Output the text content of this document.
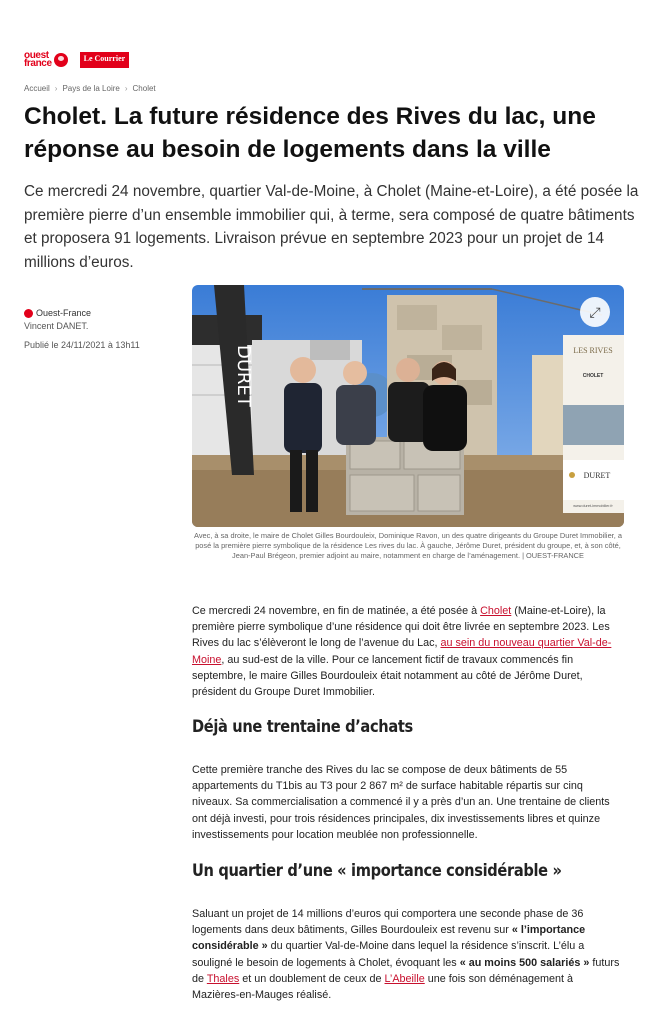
ouest
france	Le Courrier
Accueil › Pays de la Loire › Cholet
Cholet. La future résidence des Rives du lac, une réponse au besoin de logements dans la ville

Ce mercredi 24 novembre, quartier Val-de-Moine, à Cholet (Maine-et-Loire), a été posée la première pierre d’un ensemble immobilier qui, à terme, sera composé de quatre bâtiments et proposera 91 logements. Livraison prévue en septembre 2023 pour un projet de 14 millions d’euros.

Ouest-France
Vincent DANET.
Publié le 24/11/2021 à 13h11	DURET	LES RIVES
CHOLET
DURET
www.duret-immobilier.fr
⤢

Avec, à sa droite, le maire de Cholet Gilles Bourdouleix, Dominique Ravon, un des quatre dirigeants du Groupe Duret Immobilier, a posé la première pierre symbolique de la résidence Les rives du lac. À gauche, Jérôme Duret, président du groupe, et, à son côté, Jean-Paul Brégeon, premier adjoint au maire, notamment en charge de l’aménagement. | OUEST-FRANCE

Ce mercredi 24 novembre, en fin de matinée, a été posée à Cholet (Maine-et-Loire), la première pierre symbolique d’une résidence qui doit être livrée en septembre 2023. Les Rives du lac s’élèveront le long de l’avenue du Lac, au sein du nouveau quartier Val-de-Moine, au sud-est de la ville. Pour ce lancement fictif de travaux commencés fin septembre, le maire Gilles Bourdouleix était notamment au côté de Jérôme Duret, président du Groupe Duret Immobilier.

Déjà une trentaine d’achats

Cette première tranche des Rives du lac se compose de deux bâtiments de 55 appartements du T1bis au T3 pour 2 867 m² de surface habitable répartis sur cinq niveaux. Sa commercialisation a commencé il y a près d’un an. Une trentaine de clients ont déjà investi, pour trois résidences principales, dix investissements libres et quinze investissements pour location meublée non professionnelle.

Un quartier d’une « importance considérable »

Saluant un projet de 14 millions d’euros qui comportera une seconde phase de 36 logements dans deux bâtiments, Gilles Bourdouleix est revenu sur « l’importance considérable » du quartier Val-de-Moine dans lequel la résidence s’inscrit. L’élu a souligné le besoin de logements à Cholet, évoquant les « au moins 500 salariés » futurs de Thales et un doublement de ceux de L’Abeille une fois son déménagement à Mazières-en-Mauges réalisé.
